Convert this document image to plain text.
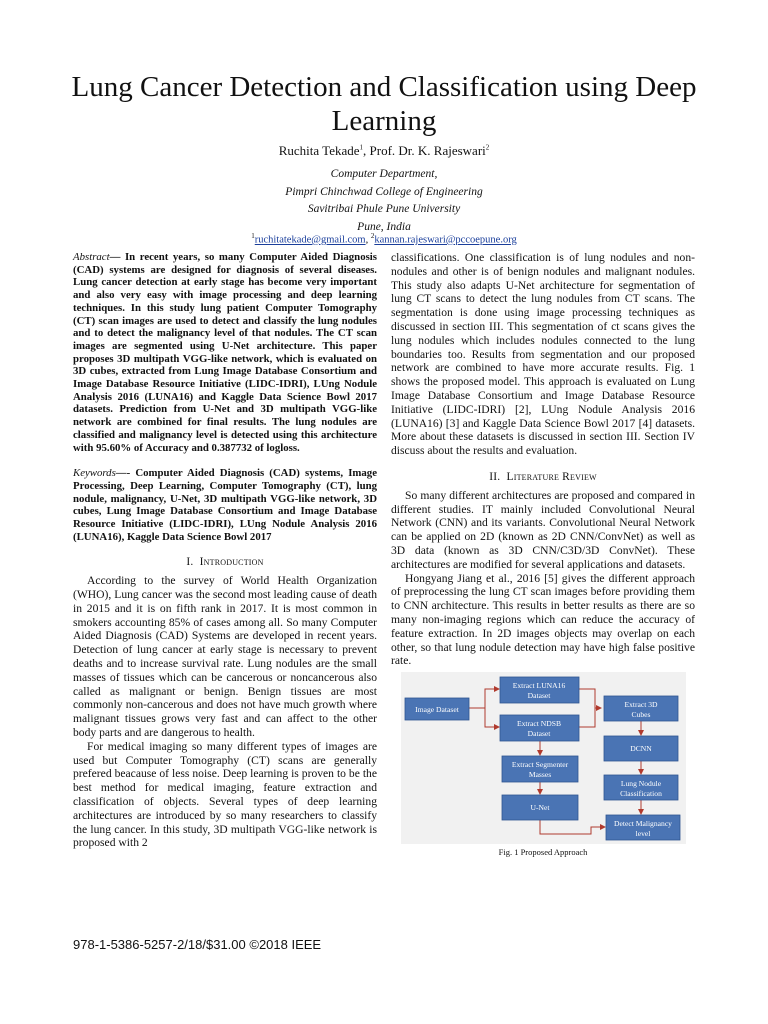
Lung Cancer Detection and Classification using Deep Learning
Ruchita Tekade$^1$, Prof. Dr. K. Rajeswari$^2$
Computer Department,
Pimpri Chinchwad College of Engineering
Savitribai Phule Pune University
Pune, India
$^1$ruchitatekade@gmail.com, $^2$kannan.rajeswari@pccoepune.org

Abstract— In recent years, so many Computer Aided Diagnosis (CAD) systems are designed for diagnosis of several diseases. Lung cancer detection at early stage has become very important and also very easy with image processing and deep learning techniques. In this study lung patient Computer Tomography (CT) scan images are used to detect and classify the lung nodules and to detect the malignancy level of that nodules. The CT scan images are segmented using U-Net architecture. This paper proposes 3D multipath VGG-like network, which is evaluated on 3D cubes, extracted from Lung Image Database Consortium and Image Database Resource Initiative (LIDC-IDRI), LUng Nodule Analysis 2016 (LUNA16) and Kaggle Data Science Bowl 2017 datasets. Prediction from U-Net and 3D multipath VGG-like network are combined for final results. The lung nodules are classified and malignancy level is detected using this architecture with 95.60% of Accuracy and 0.387732 of logloss.

Keywords—- Computer Aided Diagnosis (CAD) systems, Image Processing, Deep Learning, Computer Tomography (CT), lung nodule, malignancy, U-Net, 3D multipath VGG-like network, 3D cubes, Lung Image Database Consortium and Image Database Resource Initiative (LIDC-IDRI), LUng Nodule Analysis 2016 (LUNA16), Kaggle Data Science Bowl 2017

I. Introduction

According to the survey of World Health Organization (WHO), Lung cancer was the second most leading cause of death in 2015 and it is on fifth rank in 2017. It is most common in smokers accounting 85% of cases among all. So many Computer Aided Diagnosis (CAD) Systems are developed in recent years. Detection of lung cancer at early stage is necessary to prevent deaths and to increase survival rate. Lung nodules are the small masses of tissues which can be cancerous or noncancerous also called as malignant or benign. Benign tissues are most commonly non-cancerous and does not have much growth where malignant tissues grows very fast and can affect to the other body parts and are dangerous to health.

For medical imaging so many different types of images are used but Computer Tomography (CT) scans are generally prefered beacause of less noise. Deep learning is proven to be the best method for medical imaging, feature extraction and classification of objects. Several types of deep learning architectures are introduced by so many researchers to classify the lung cancer. In this study, 3D multipath VGG-like network is proposed with 2

classifications. One classification is of lung nodules and non-nodules and other is of benign nodules and malignant nodules. This study also adapts U-Net architecture for segmentation of lung CT scans to detect the lung nodules from CT scans. The segmentation is done using image processing techniques as discussed in section III. This segmentation of ct scans gives the lung nodules which includes nodules connected to the lung boundaries too. Results from segmentation and our proposed network are combined to have more accurate results. Fig. 1 shows the proposed model. This approach is evaluated on Lung Image Database Consortium and Image Database Resource Initiative (LIDC-IDRI) [2], LUng Nodule Analysis 2016 (LUNA16) [3] and Kaggle Data Science Bowl 2017 [4] datasets. More about these datasets is discussed in section III. Section IV discuss about the results and evaluation.

II. Literature Review

So many different architectures are proposed and compared in different studies. IT mainly included Convolutional Neural Network (CNN) and its variants. Convolutional Neural Network can be applied on 2D (known as 2D CNN/ConvNet) as well as 3D data (known as 3D CNN/C3D/3D ConvNet). These architectures are modified for several applications and datasets.

Hongyang Jiang et al., 2016 [5] gives the different approach of preprocessing the lung CT scan images before providing them to CNN architecture. This results in better results as there are so many non-imaging regions which can reduce the accuracy of feature extraction. In 2D images objects may overlap on each other, so that lung nodule detection may have high false positive rate.

Image Dataset
Extract LUNA16
Dataset
Extract NDSB
Dataset
Extract Segmenter
Masses
U-Net
Extract 3D
Cubes
DCNN
Lung Nodule
Classification
Detect Malignancy
level

Fig. 1 Proposed Approach

978-1-5386-5257-2/18/$31.00 ©2018 IEEE
